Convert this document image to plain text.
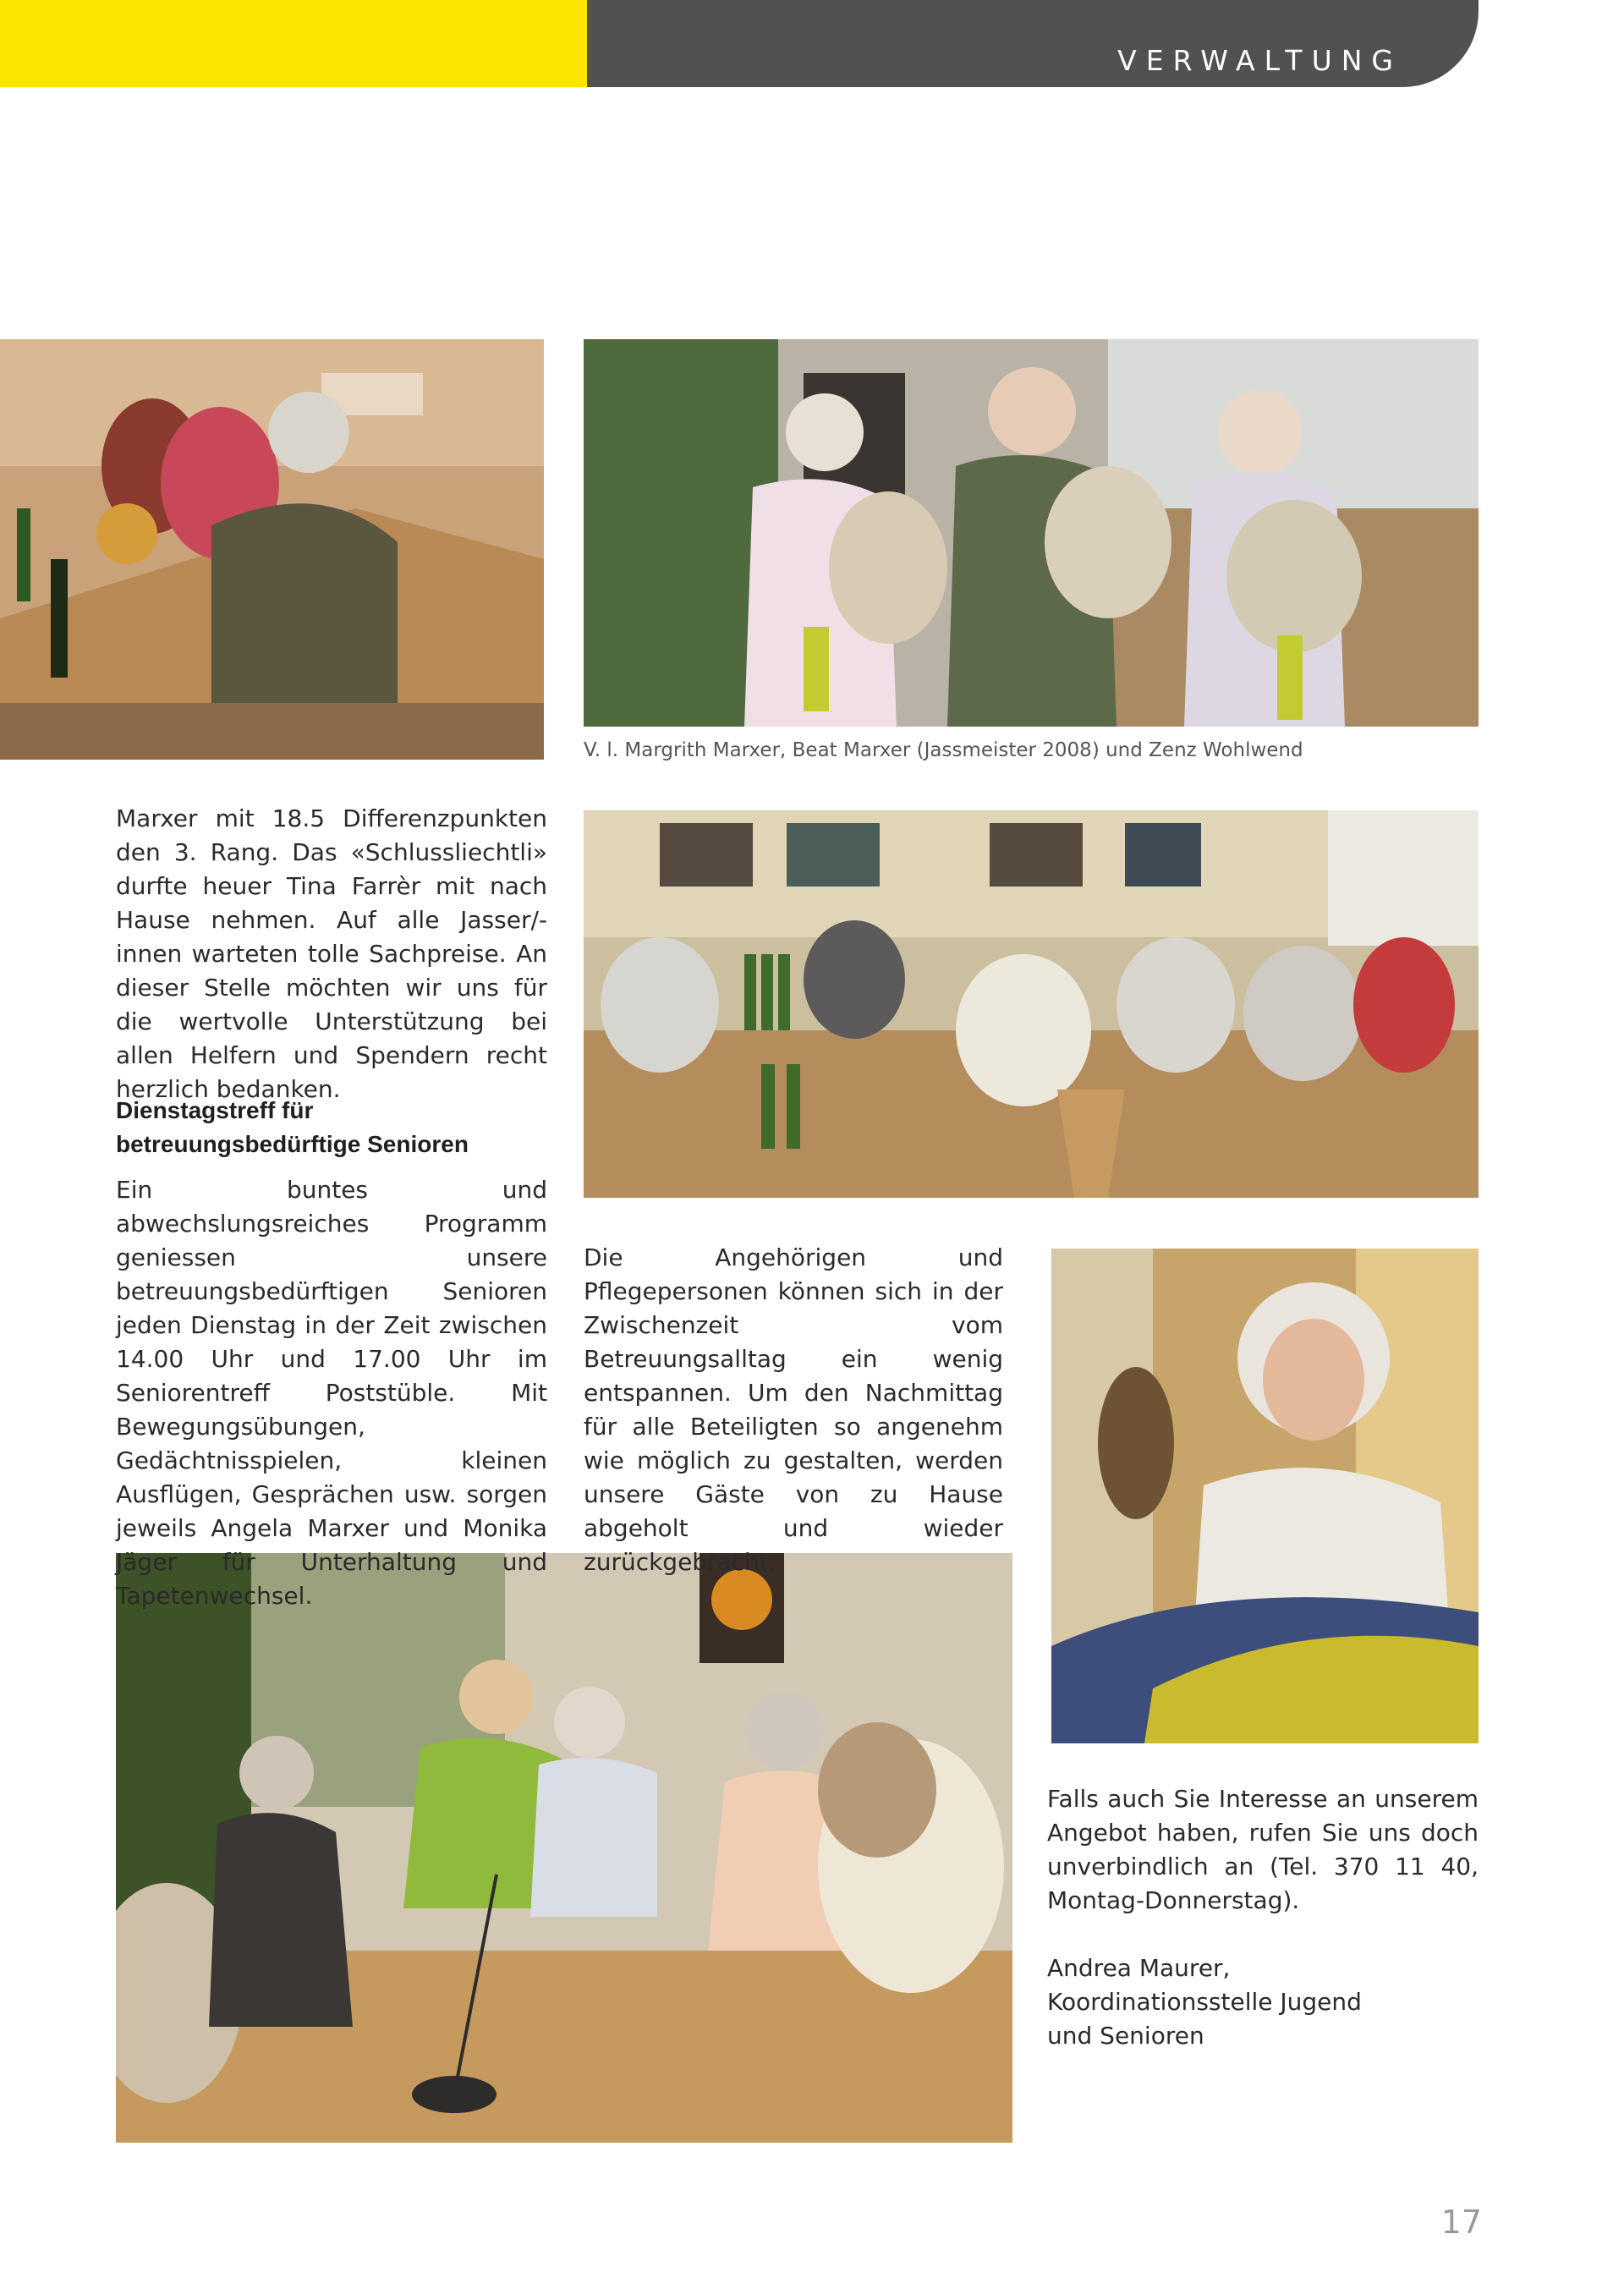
VERWALTUNG
V. l. Margrith Marxer, Beat Marxer (Jassmeister 2008) und Zenz Wohlwend

Marxer mit 18.5 Differenzpunkten den 3. Rang. Das «Schlussliechtli» durfte heuer Tina Farrèr mit nach Hause nehmen. Auf alle Jasser/-innen warteten tolle Sachpreise. An dieser Stelle möchten wir uns für die wertvolle Unterstützung bei allen Helfern und Spendern recht herzlich bedanken.

Dienstagstreff für betreuungsbedürftige Senioren

Ein buntes und abwechslungsreiches Programm geniessen unsere betreuungsbedürftigen Senioren jeden Dienstag in der Zeit zwischen 14.00 Uhr und 17.00 Uhr im Seniorentreff Poststüble. Mit Bewegungsübungen, Gedächtnisspielen, kleinen Ausflügen, Gesprächen usw. sorgen jeweils Angela Marxer und Monika Jäger für Unterhaltung und Tapetenwechsel.

Die Angehörigen und Pflegepersonen können sich in der Zwischenzeit vom Betreuungsalltag ein wenig entspannen. Um den Nachmittag für alle Beteiligten so angenehm wie möglich zu gestalten, werden unsere Gäste von zu Hause abgeholt und wieder zurückgebracht.

Falls auch Sie Interesse an unserem Angebot haben, rufen Sie uns doch unverbindlich an (Tel. 370 11 40, Montag-Donnerstag).

Andrea Maurer,
Koordinationsstelle Jugend
und Senioren
17
